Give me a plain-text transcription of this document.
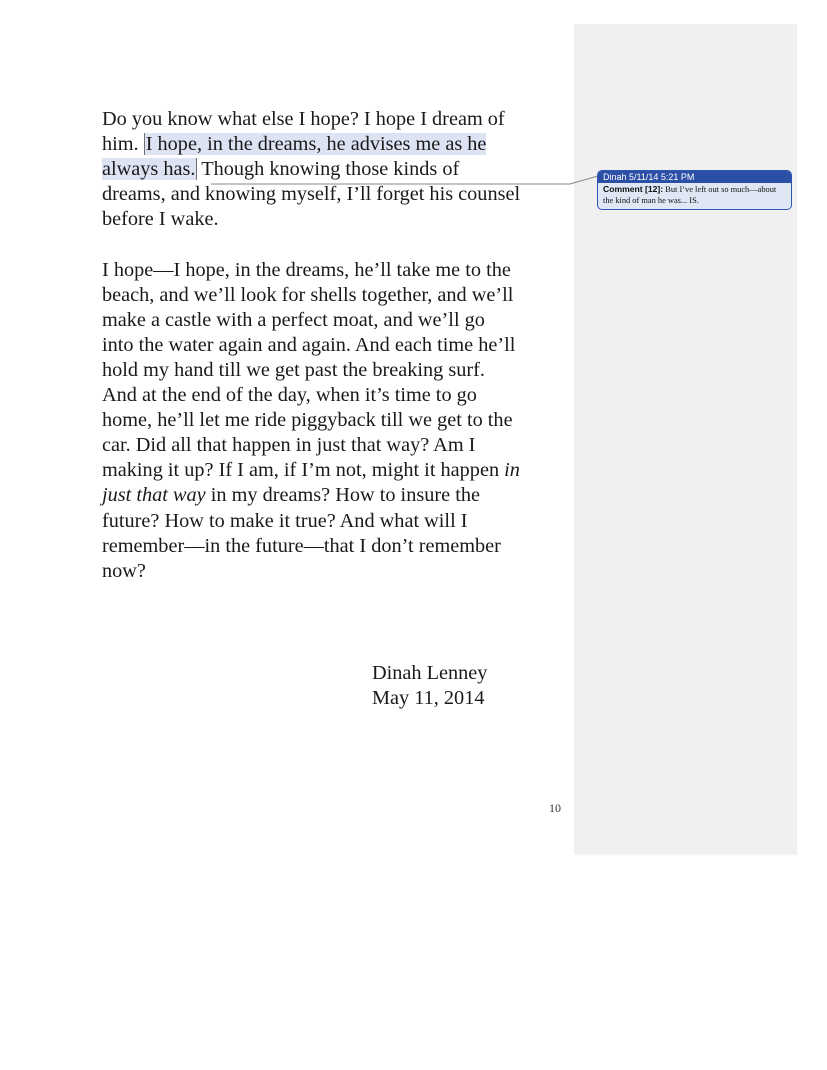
Do you know what else I hope? I hope I dream of
him. I hope, in the dreams, he advises me as he
always has. Though knowing those kinds of
dreams, and knowing myself, I’ll forget his counsel
before I wake.

I hope—I hope, in the dreams, he’ll take me to the
beach, and we’ll look for shells together, and we’ll
make a castle with a perfect moat, and we’ll go
into the water again and again. And each time he’ll
hold my hand till we get past the breaking surf.
And at the end of the day, when it’s time to go
home, he’ll let me ride piggyback till we get to the
car. Did all that happen in just that way? Am I
making it up? If I am, if I’m not, might it happen in
just that way in my dreams? How to insure the
future? How to make it true? And what will I
remember—in the future—that I don’t remember
now?

Dinah Lenney
May 11, 2014
10
Dinah 5/11/14 5:21 PM
Comment [12]: But I’ve left out so much—about the kind of man he was... IS.
